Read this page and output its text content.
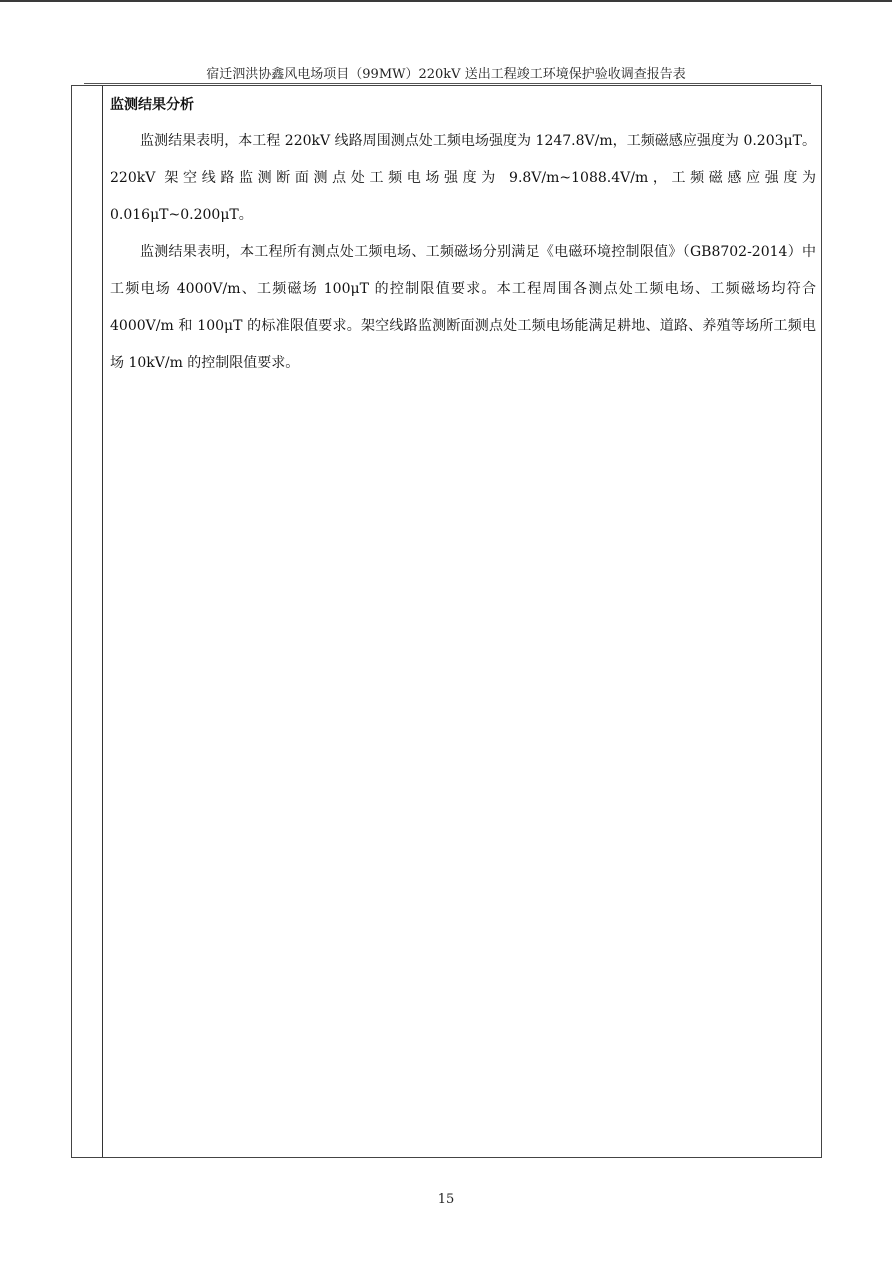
宿迁泗洪协鑫风电场项目（99MW）220kV 送出工程竣工环境保护验收调查报告表
监测结果分析

监测结果表明，本工程 220kV 线路周围测点处工频电场强度为 1247.8V/m，工频磁感应强度为 0.203μT。220kV 架空线路监测断面测点处工频电场强度为 9.8V/m~1088.4V/m，工频磁感应强度为 0.016μT~0.200μT。

监测结果表明，本工程所有测点处工频电场、工频磁场分别满足《电磁环境控制限值》（GB8702-2014）中工频电场 4000V/m、工频磁场 100μT 的控制限值要求。本工程周围各测点处工频电场、工频磁场均符合 4000V/m 和 100μT 的标准限值要求。架空线路监测断面测点处工频电场能满足耕地、道路、养殖等场所工频电场 10kV/m 的控制限值要求。

15
